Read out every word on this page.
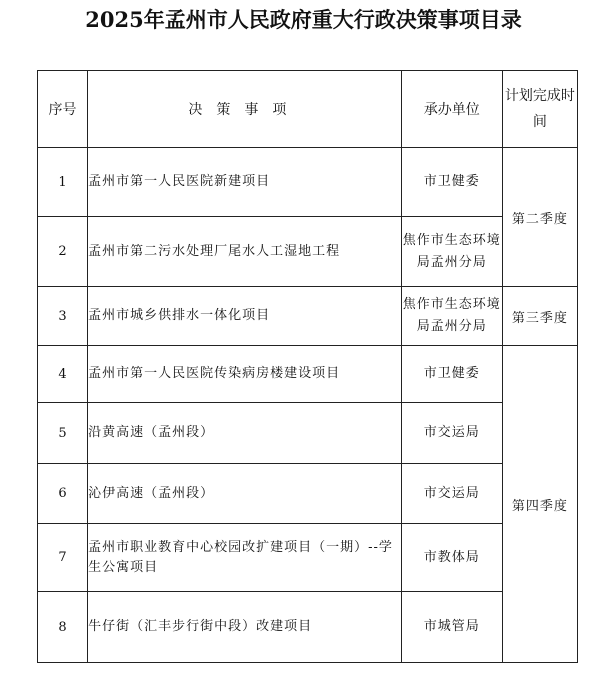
2025年孟州市人民政府重大行政决策事项目录
序号	决策事项	承办单位	计划完成时间
1	孟州市第一人民医院新建项目	市卫健委	第二季度
2	孟州市第二污水处理厂尾水人工湿地工程	焦作市生态环境局孟州分局	
3	孟州市城乡供排水一体化项目	焦作市生态环境局孟州分局	第三季度
4	孟州市第一人民医院传染病房楼建设项目	市卫健委	第四季度
5	沿黄高速（孟州段）	市交运局	
6	沁伊高速（孟州段）	市交运局	
7	孟州市职业教育中心校园改扩建项目（一期）--学生公寓项目	市教体局	
8	牛仔街（汇丰步行街中段）改建项目	市城管局	
